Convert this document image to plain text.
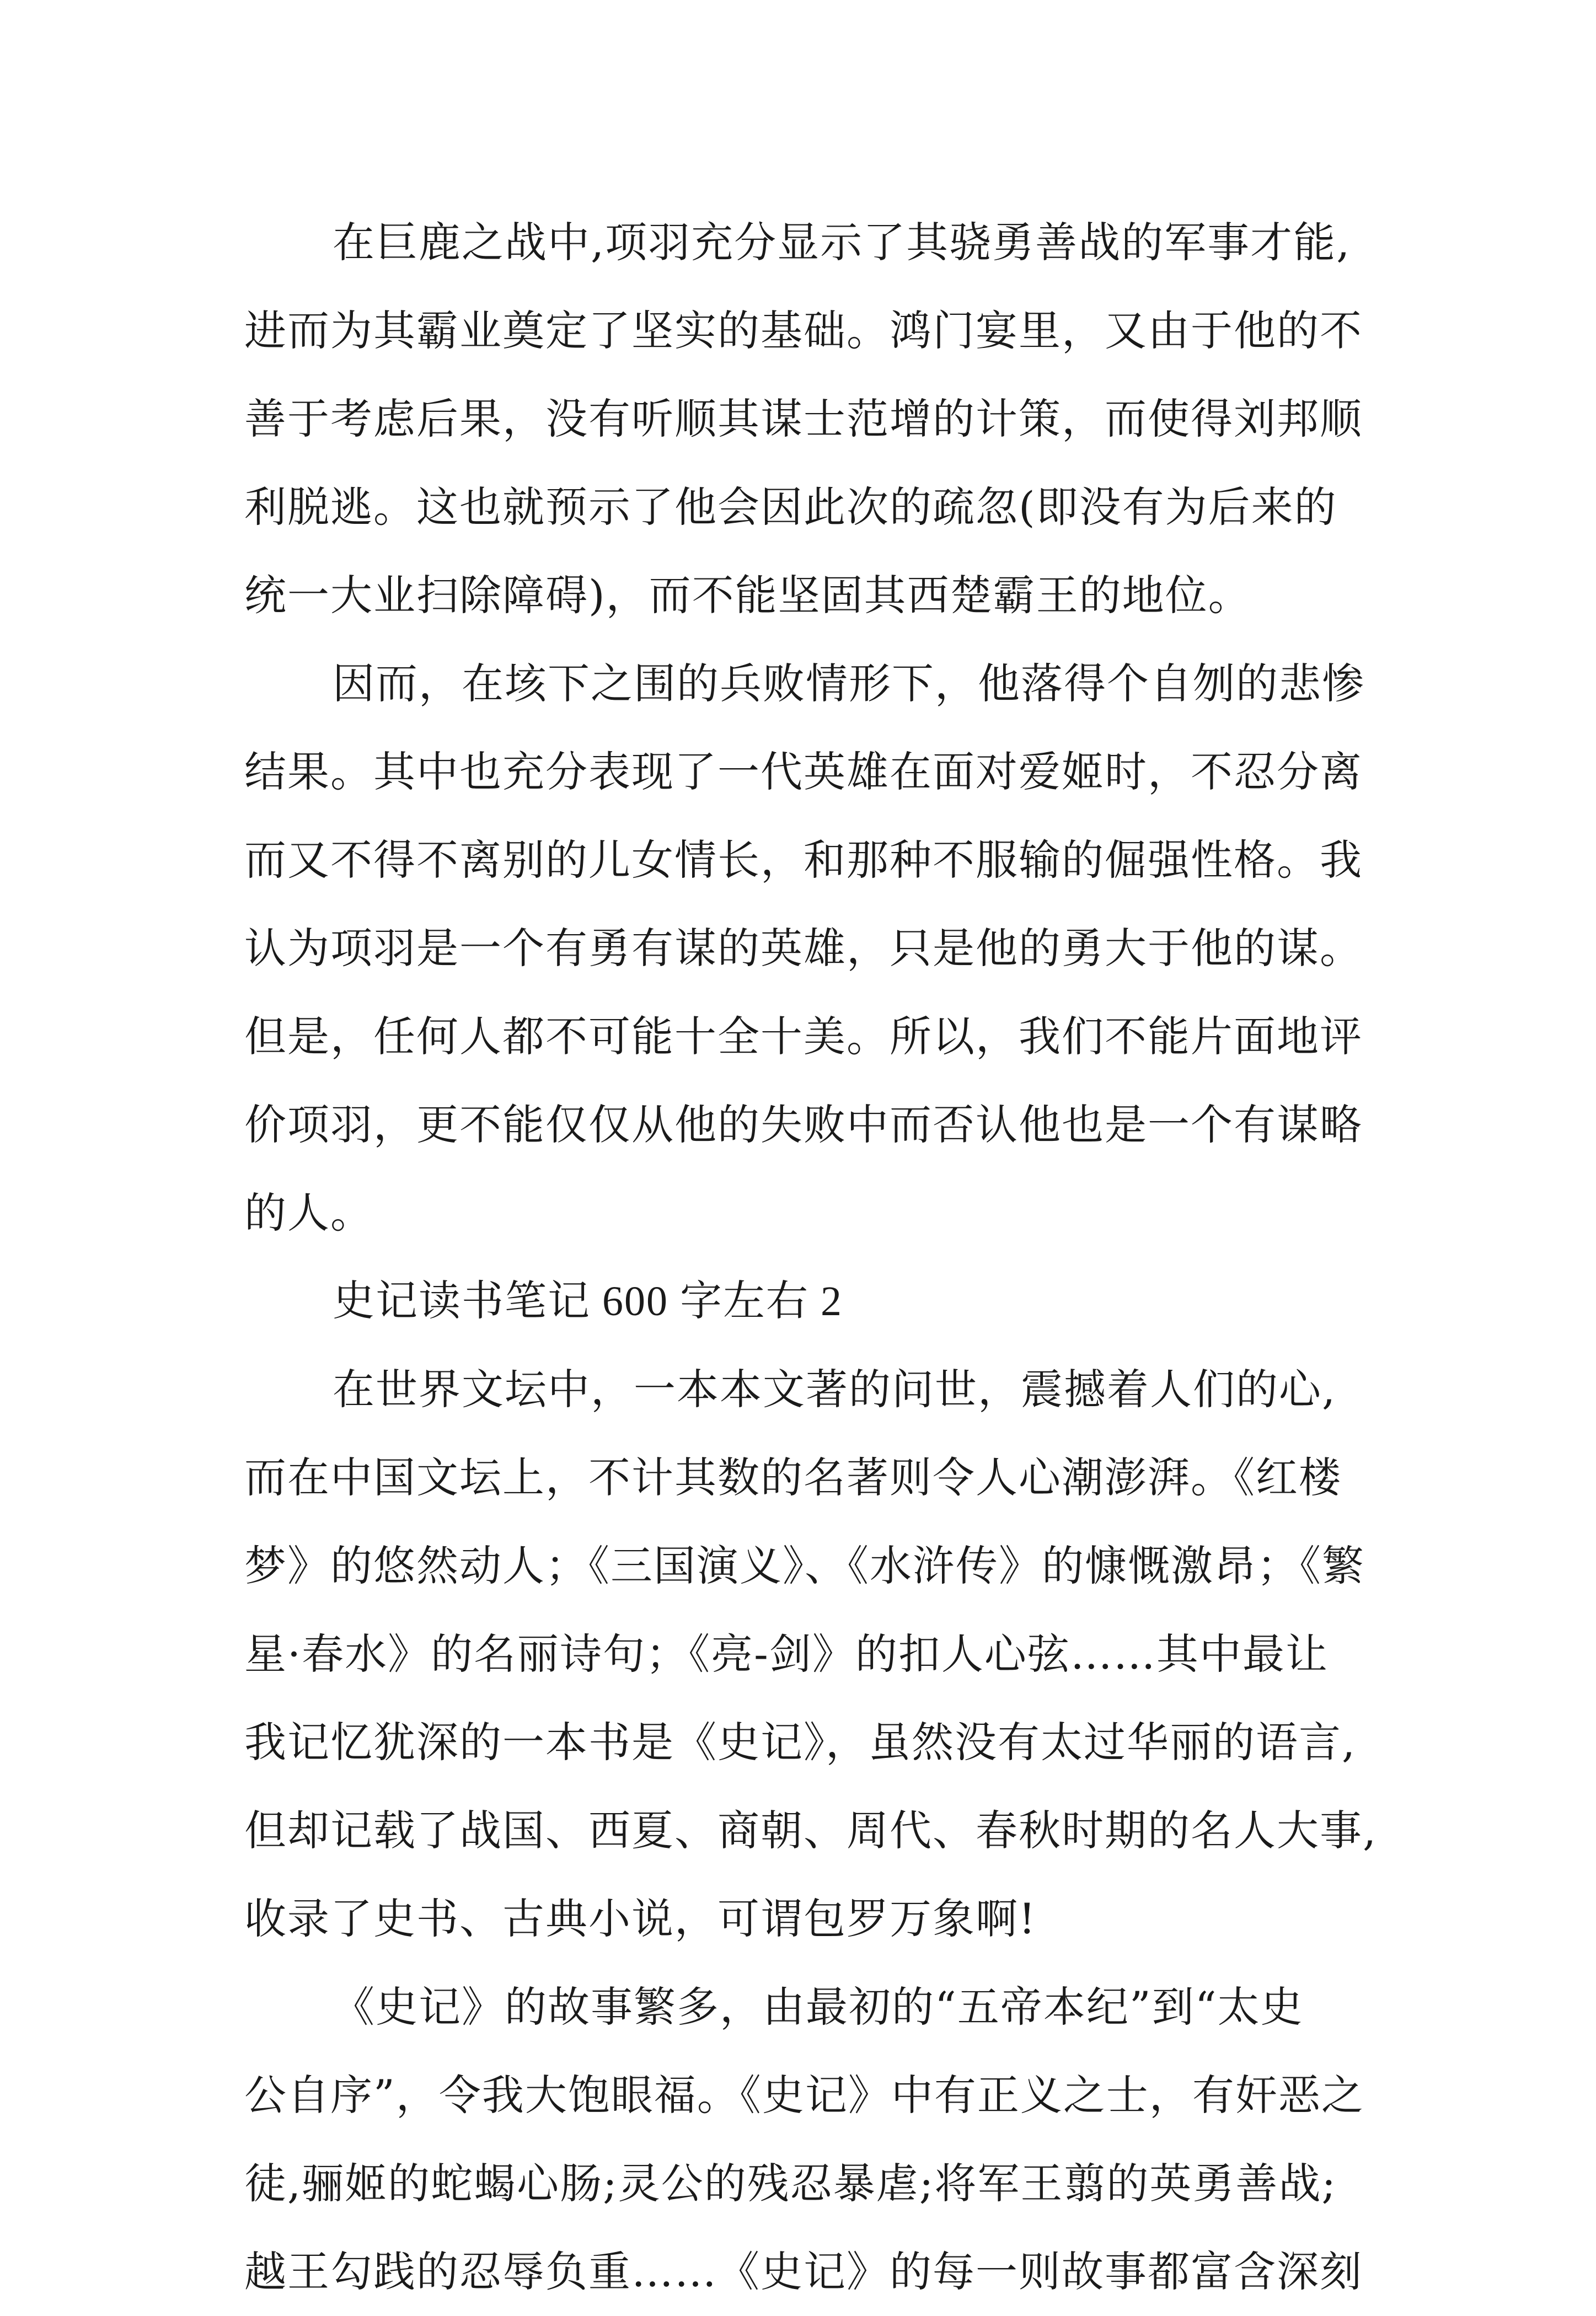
在巨鹿之战中,项羽充分显示了其骁勇善战的军事才能,
进而为其霸业奠定了坚实的基础。鸿门宴里，又由于他的不
善于考虑后果，没有听顺其谋士范增的计策，而使得刘邦顺
利脱逃。这也就预示了他会因此次的疏忽(即没有为后来的
统一大业扫除障碍)，而不能坚固其西楚霸王的地位。
因而，在垓下之围的兵败情形下，他落得个自刎的悲惨
结果。其中也充分表现了一代英雄在面对爱姬时，不忍分离
而又不得不离别的儿女情长，和那种不服输的倔强性格。我
认为项羽是一个有勇有谋的英雄，只是他的勇大于他的谋。
但是，任何人都不可能十全十美。所以，我们不能片面地评
价项羽，更不能仅仅从他的失败中而否认他也是一个有谋略
的人。
史记读书笔记 600 字左右 2
在世界文坛中，一本本文著的问世，震撼着人们的心,
而在中国文坛上，不计其数的名著则令人心潮澎湃。《红楼
梦》的悠然动人；《三国演义》、《水浒传》的慷慨激昂；《繁
星·春水》的名丽诗句；《亮-剑》的扣人心弦……其中最让
我记忆犹深的一本书是《史记》，虽然没有太过华丽的语言,
但却记载了战国、西夏、商朝、周代、春秋时期的名人大事,
收录了史书、古典小说，可谓包罗万象啊!
《史记》的故事繁多，由最初的“五帝本纪”到“太史
公自序”，令我大饱眼福。《史记》中有正义之士，有奸恶之
徒,骊姬的蛇蝎心肠;灵公的残忍暴虐;将军王翦的英勇善战;
越王勾践的忍辱负重……《史记》的每一则故事都富含深刻
